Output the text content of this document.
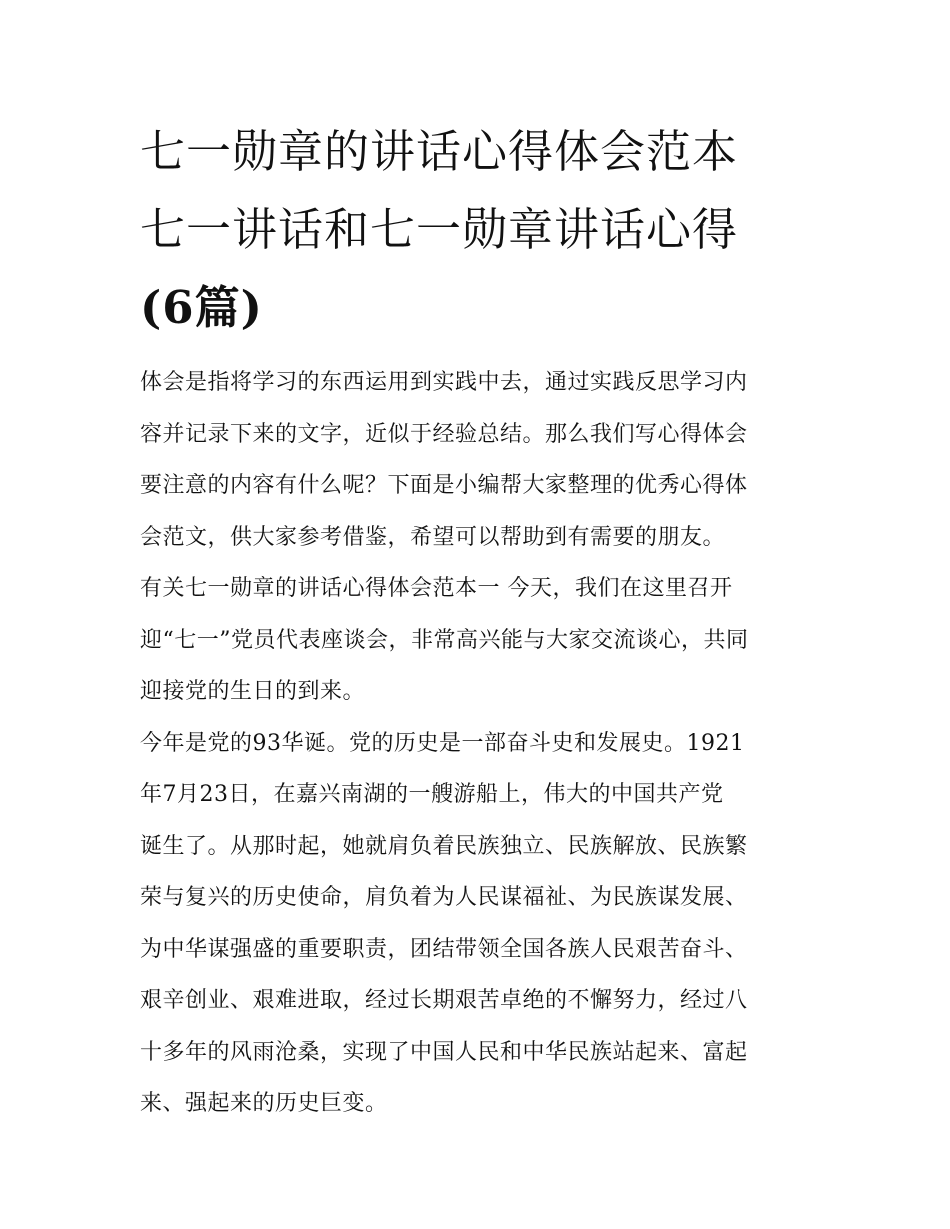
七一勋章的讲话心得体会范本
七一讲话和七一勋章讲话心得
(6篇)

体会是指将学习的东西运用到实践中去，通过实践反思学习内
容并记录下来的文字，近似于经验总结。那么我们写心得体会
要注意的内容有什么呢？下面是小编帮大家整理的优秀心得体
会范文，供大家参考借鉴，希望可以帮助到有需要的朋友。

有关七一勋章的讲话心得体会范本一 今天，我们在这里召开
迎“七一”党员代表座谈会，非常高兴能与大家交流谈心，共同
迎接党的生日的到来。

今年是党的93华诞。党的历史是一部奋斗史和发展史。1921
年7月23日，在嘉兴南湖的一艘游船上，伟大的中国共产党
诞生了。从那时起，她就肩负着民族独立、民族解放、民族繁
荣与复兴的历史使命，肩负着为人民谋福祉、为民族谋发展、
为中华谋强盛的重要职责，团结带领全国各族人民艰苦奋斗、
艰辛创业、艰难进取，经过长期艰苦卓绝的不懈努力，经过八
十多年的风雨沧桑，实现了中国人民和中华民族站起来、富起
来、强起来的历史巨变。
